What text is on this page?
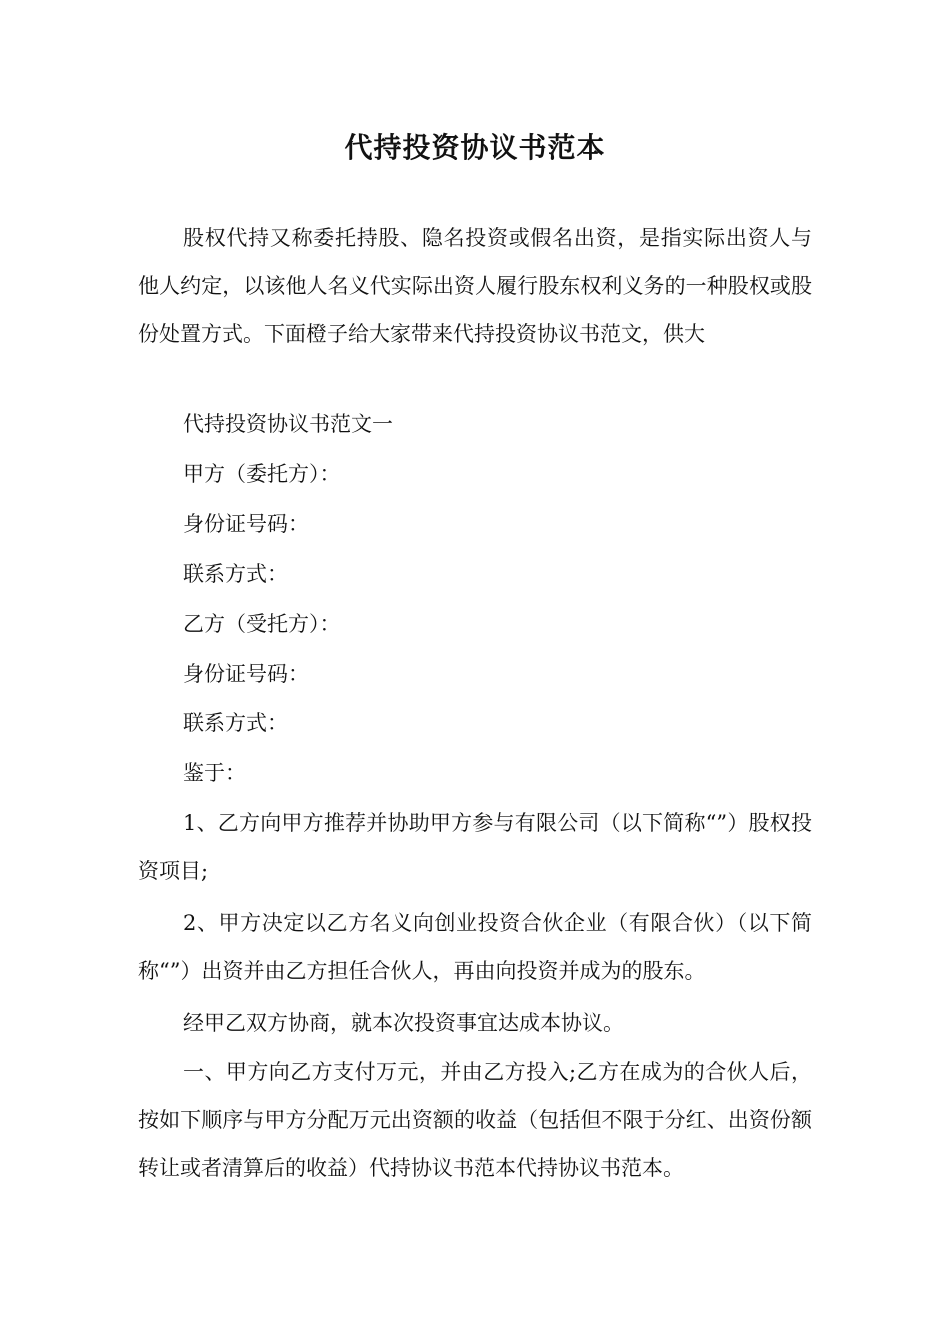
代持投资协议书范本

股权代持又称委托持股、隐名投资或假名出资，是指实际出资人与他人约定，以该他人名义代实际出资人履行股东权利义务的一种股权或股份处置方式。下面橙子给大家带来代持投资协议书范文，供大

代持投资协议书范文一

甲方（委托方）：

身份证号码：

联系方式：

乙方（受托方）：

身份证号码：

联系方式：

鉴于：

1、乙方向甲方推荐并协助甲方参与有限公司（以下简称“”）股权投资项目;

2、甲方决定以乙方名义向创业投资合伙企业（有限合伙）（以下简称“”）出资并由乙方担任合伙人，再由向投资并成为的股东。

经甲乙双方协商，就本次投资事宜达成本协议。

一、甲方向乙方支付万元，并由乙方投入;乙方在成为的合伙人后，按如下顺序与甲方分配万元出资额的收益（包括但不限于分红、出资份额转让或者清算后的收益）代持协议书范本代持协议书范本。
